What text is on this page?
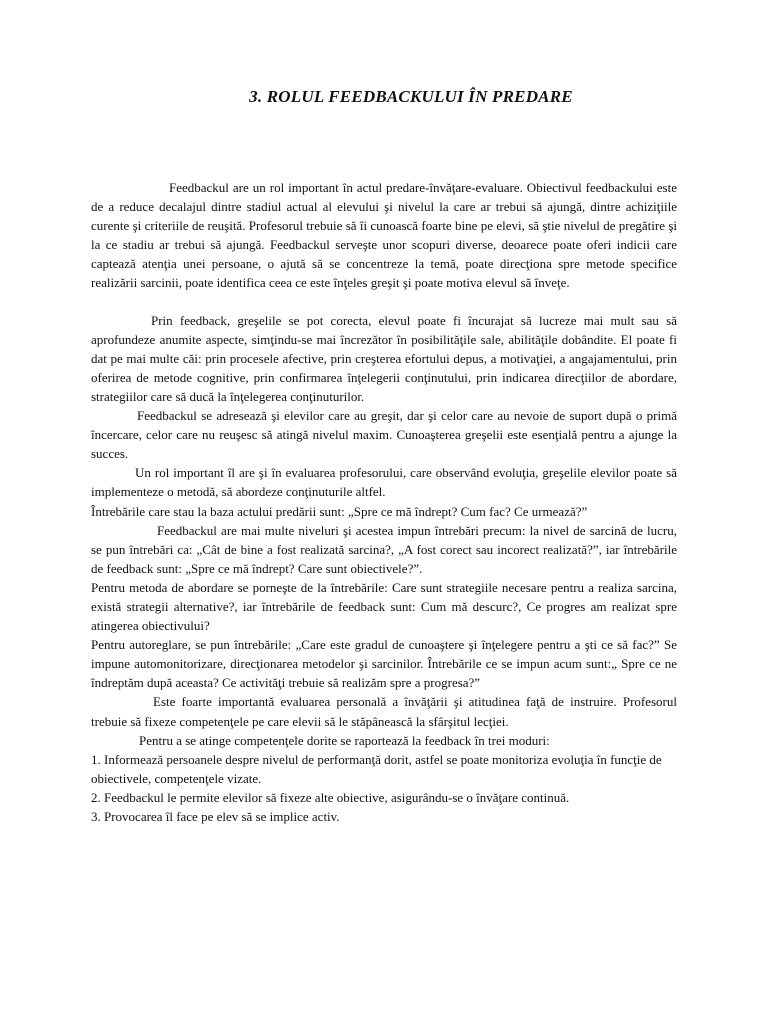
3. ROLUL FEEDBACKULUI ÎN PREDARE

Feedbackul are un rol important în actul predare-învăţare-evaluare. Obiectivul feedbackului este de a reduce decalajul dintre stadiul actual al elevului şi nivelul la care ar trebui să ajungă, dintre achiziţiile curente şi criteriile de reuşită. Profesorul trebuie să îi cunoască foarte bine pe elevi, să ştie nivelul de pregătire şi la ce stadiu ar trebui să ajungă. Feedbackul serveşte unor scopuri diverse, deoarece poate oferi indicii care captează atenţia unei persoane, o ajută să se concentreze la temă, poate direcţiona spre metode specifice realizării sarcinii, poate identifica ceea ce este înţeles greşit şi poate motiva elevul să înveţe.

Prin feedback, greşelile se pot corecta, elevul poate fi încurajat să lucreze mai mult sau să aprofundeze anumite aspecte, simţindu-se mai încrezător în posibilităţile sale, abilităţile dobândite. El poate fi dat pe mai multe căi: prin procesele afective, prin creşterea efortului depus, a motivaţiei, a angajamentului, prin oferirea de metode cognitive, prin confirmarea înţelegerii conţinutului, prin indicarea direcţiilor de abordare, strategiilor care să ducă la înţelegerea conţinuturilor.

Feedbackul se adresează şi elevilor care au greşit, dar şi celor care au nevoie de suport după o primă încercare, celor care nu reuşesc să atingă nivelul maxim. Cunoaşterea greşelii este esenţială pentru a ajunge la succes.

Un rol important îl are şi în evaluarea profesorului, care observând evoluţia, greşelile elevilor poate să implementeze o metodă, să abordeze conţinuturile altfel.

Întrebările care stau la baza actului predării sunt: „Spre ce mă îndrept? Cum fac? Ce urmează?”

Feedbackul are mai multe niveluri şi acestea impun întrebări precum: la nivel de sarcină de lucru, se pun întrebări ca: „Cât de bine a fost realizată sarcina?, „A fost corect sau incorect realizată?”, iar întrebările de feedback sunt: „Spre ce mă îndrept? Care sunt obiectivele?”.

Pentru metoda de abordare se porneşte de la întrebările: Care sunt strategiile necesare pentru a realiza sarcina, există strategii alternative?, iar întrebările de feedback sunt: Cum mă descurc?, Ce progres am realizat spre atingerea obiectivului?

Pentru autoreglare, se pun întrebările: „Care este gradul de cunoaştere şi înţelegere pentru a şti ce să fac?” Se impune automonitorizare, direcţionarea metodelor şi sarcinilor. Întrebările ce se impun acum sunt:„ Spre ce ne îndreptăm după aceasta? Ce activităţi trebuie să realizăm spre a progresa?”

Este foarte importantă evaluarea personală a învăţării şi atitudinea faţă de instruire. Profesorul trebuie să fixeze competenţele pe care elevii să le stăpânească la sfârşitul lecţiei.

Pentru a se atinge competenţele dorite se raportează la feedback în trei moduri:

1. Informează persoanele despre nivelul de performanţă dorit, astfel se poate monitoriza evoluţia în funcţie de obiectivele, competenţele vizate.

2. Feedbackul le permite elevilor să fixeze alte obiective, asigurându-se o învăţare continuă.

3. Provocarea îl face pe elev să se implice activ.
